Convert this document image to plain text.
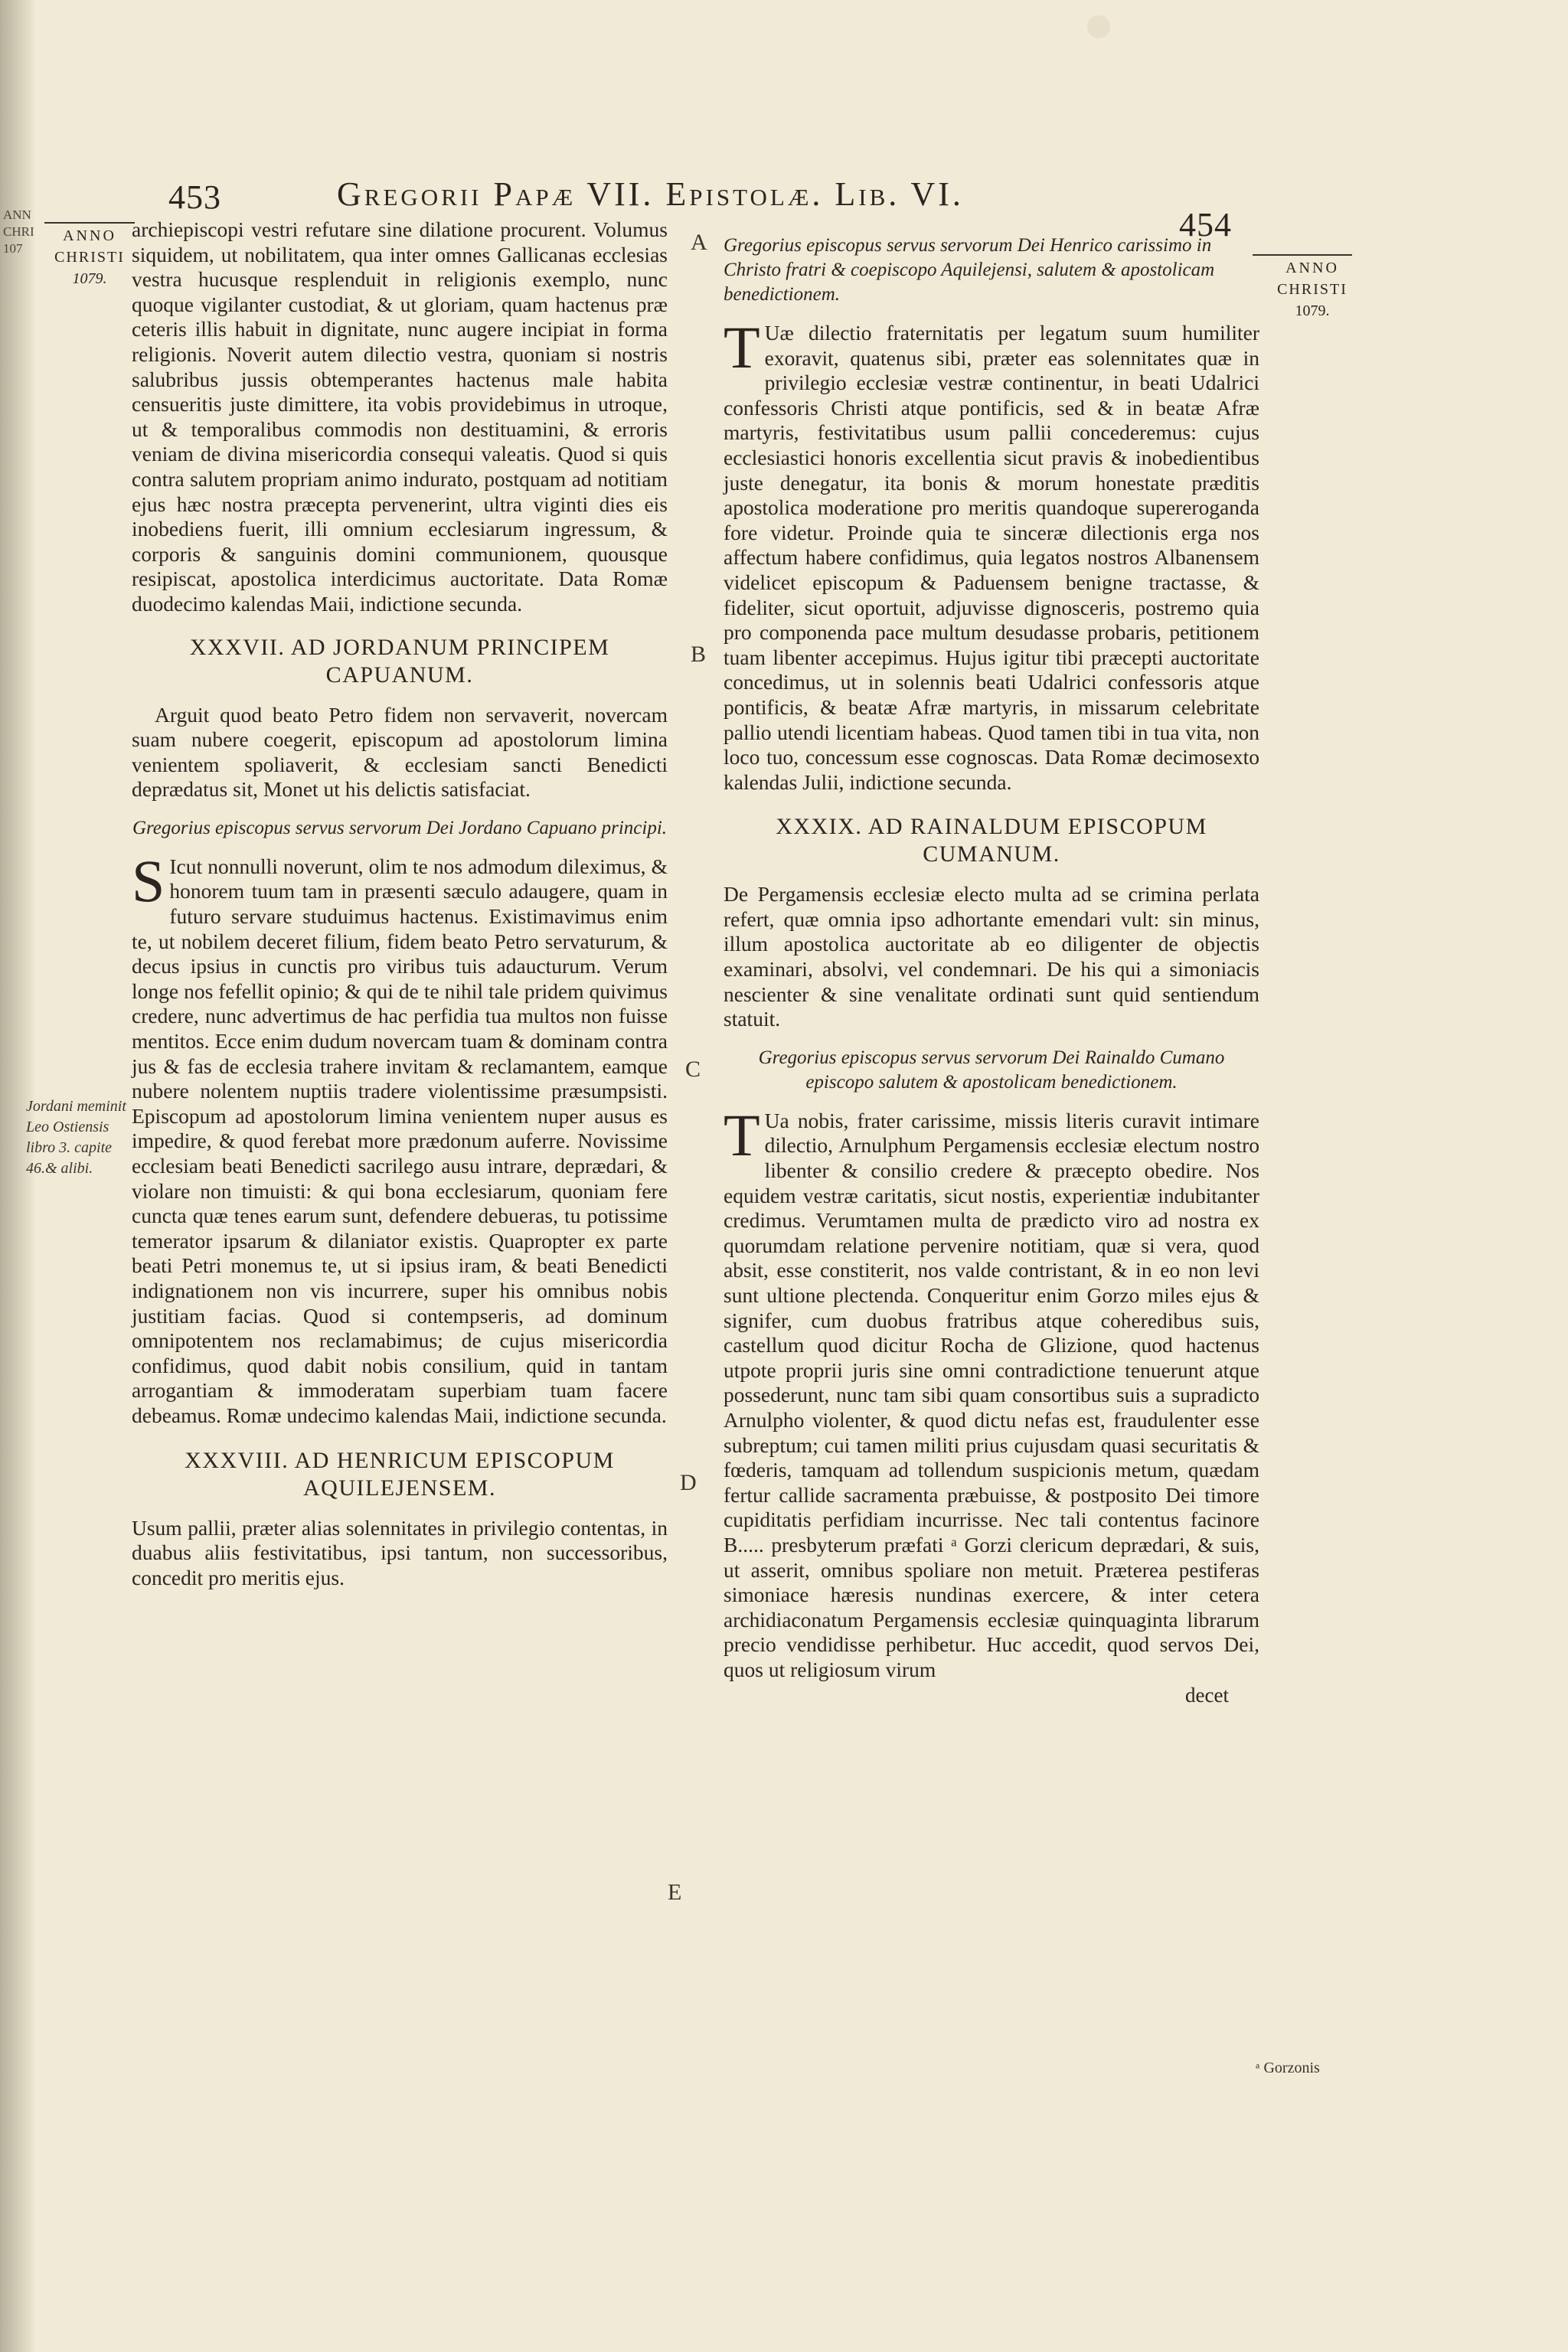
ANN CHRI 107
453	Gregorii Papæ VII. Epistolæ. Lib. VI.
454
ANNO
CHRISTI
1079.
ANNO
CHRISTI
1079.
A
B
C
D
E
Jordani meminit Leo Ostiensis libro 3. capite 46.& alibi.
ᵃ Gorzonis

archiepiscopi vestri refutare sine dilatione procurent. Volumus siquidem, ut nobilitatem, qua inter omnes Gallicanas ecclesias vestra hucusque resplenduit in religionis exemplo, nunc quoque vigilanter custodiat, & ut gloriam, quam hactenus præ ceteris illis habuit in dignitate, nunc augere incipiat in forma religionis. Noverit autem dilectio vestra, quoniam si nostris salubribus jussis obtemperantes hactenus male habita censueritis juste dimittere, ita vobis providebimus in utroque, ut & temporalibus commodis non destituamini, & erroris veniam de divina misericordia consequi valeatis. Quod si quis contra salutem propriam animo indurato, postquam ad notitiam ejus hæc nostra præcepta pervenerint, ultra viginti dies eis inobediens fuerit, illi omnium ecclesiarum ingressum, & corporis & sanguinis domini communionem, quousque resipiscat, apostolica interdicimus auctoritate. Data Romæ duodecimo kalendas Maii, indictione secunda.

XXXVII. AD JORDANUM PRINCIPEM CAPUANUM.

Arguit quod beato Petro fidem non servaverit, novercam suam nubere coegerit, episcopum ad apostolorum limina venientem spoliaverit, & ecclesiam sancti Benedicti deprædatus sit, Monet ut his delictis satisfaciat.

Gregorius episcopus servus servorum Dei Jordano Capuano principi.

S Icut nonnulli noverunt, olim te nos admodum dileximus, & honorem tuum tam in præsenti sæculo adaugere, quam in futuro servare studuimus hactenus. Existimavimus enim te, ut nobilem deceret filium, fidem beato Petro servaturum, & decus ipsius in cunctis pro viribus tuis adaucturum. Verum longe nos fefellit opinio; & qui de te nihil tale pridem quivimus credere, nunc advertimus de hac perfidia tua multos non fuisse mentitos. Ecce enim dudum novercam tuam & dominam contra jus & fas de ecclesia trahere invitam & reclamantem, eamque nubere nolentem nuptiis tradere violentissime præsumpsisti. Episcopum ad apostolorum limina venientem nuper ausus es impedire, & quod ferebat more prædonum auferre. Novissime ecclesiam beati Benedicti sacrilego ausu intrare, deprædari, & violare non timuisti: & qui bona ecclesiarum, quoniam fere cuncta quæ tenes earum sunt, defendere debueras, tu potissime temerator ipsarum & dilaniator existis. Quapropter ex parte beati Petri monemus te, ut si ipsius iram, & beati Benedicti indignationem non vis incurrere, super his omnibus nobis justitiam facias. Quod si contempseris, ad dominum omnipotentem nos reclamabimus; de cujus misericordia confidimus, quod dabit nobis consilium, quid in tantam arrogantiam & immoderatam superbiam tuam facere debeamus. Romæ undecimo kalendas Maii, indictione secunda.

XXXVIII. AD HENRICUM EPISCOPUM AQUILEJENSEM.

Usum pallii, præter alias solennitates in privilegio contentas, in duabus aliis festivitatibus, ipsi tantum, non successoribus, concedit pro meritis ejus.

Gregorius episcopus servus servorum Dei Henrico carissimo in Christo fratri & coepiscopo Aquilejensi, salutem & apostolicam benedictionem.

T Uæ dilectio fraternitatis per legatum suum humiliter exoravit, quatenus sibi, præter eas solennitates quæ in privilegio ecclesiæ vestræ continentur, in beati Udalrici confessoris Christi atque pontificis, sed & in beatæ Afræ martyris, festivitatibus usum pallii concederemus: cujus ecclesiastici honoris excellentia sicut pravis & inobedientibus juste denegatur, ita bonis & morum honestate præditis apostolica moderatione pro meritis quandoque supererogandа fore videtur. Proinde quia te sinceræ dilectionis erga nos affectum habere confidimus, quia legatos nostros Albanensem videlicet episcopum & Paduensem benigne tractasse, & fideliter, sicut oportuit, adjuvisse dignosceris, postremo quia pro componenda pace multum desudasse probaris, petitionem tuam libenter accepimus. Hujus igitur tibi præcepti auctoritate concedimus, ut in solennis beati Udalrici confessoris atque pontificis, & beatæ Afræ martyris, in missarum celebritate pallio utendi licentiam habeas. Quod tamen tibi in tua vita, non loco tuo, concessum esse cognoscas. Data Romæ decimosexto kalendas Julii, indictione secunda.

XXXIX. AD RAINALDUM EPISCOPUM CUMANUM.

De Pergamensis ecclesiæ electo multa ad se crimina perlata refert, quæ omnia ipso adhortante emendari vult: sin minus, illum apostolica auctoritate ab eo diligenter de objectis examinari, absolvi, vel condemnari. De his qui a simoniacis nescienter & sine venalitate ordinati sunt quid sentiendum statuit.

Gregorius episcopus servus servorum Dei Rainaldo Cumano episcopo salutem & apostolicam benedictionem.

T Ua nobis, frater carissime, missis literis curavit intimare dilectio, Arnulphum Pergamensis ecclesiæ electum nostro libenter & consilio credere & præcepto obedire. Nos equidem vestræ caritatis, sicut nostis, experientiæ indubitanter credimus. Verumtamen multa de prædicto viro ad nostra ex quorumdam relatione pervenire notitiam, quæ si vera, quod absit, esse constiterit, nos valde contristant, & in eo non levi sunt ultione plectenda. Conqueritur enim Gorzo miles ejus & signifer, cum duobus fratribus atque coheredibus suis, castellum quod dicitur Rocha de Glizione, quod hactenus utpote proprii juris sine omni contradictione tenuerunt atque possederunt, nunc tam sibi quam consortibus suis a supradicto Arnulpho violenter, & quod dictu nefas est, fraudulenter esse subreptum; cui tamen militi prius cujusdam quasi securitatis & fœderis, tamquam ad tollendum suspicionis metum, quædam fertur callide sacramenta præbuisse, & postposito Dei timore cupiditatis perfidiam incurrisse. Nec tali contentus facinore B..... presbyterum præfati ᵃ Gorzi clericum deprædari, & suis, ut asserit, omnibus spoliare non metuit. Præterea pestiferas simoniace hæresis nundinas exercere, & inter cetera archidiaconatum Pergamensis ecclesiæ quinquaginta librarum precio vendidisse perhibetur. Huc accedit, quod servos Dei, quos ut religiosum virum

decet
